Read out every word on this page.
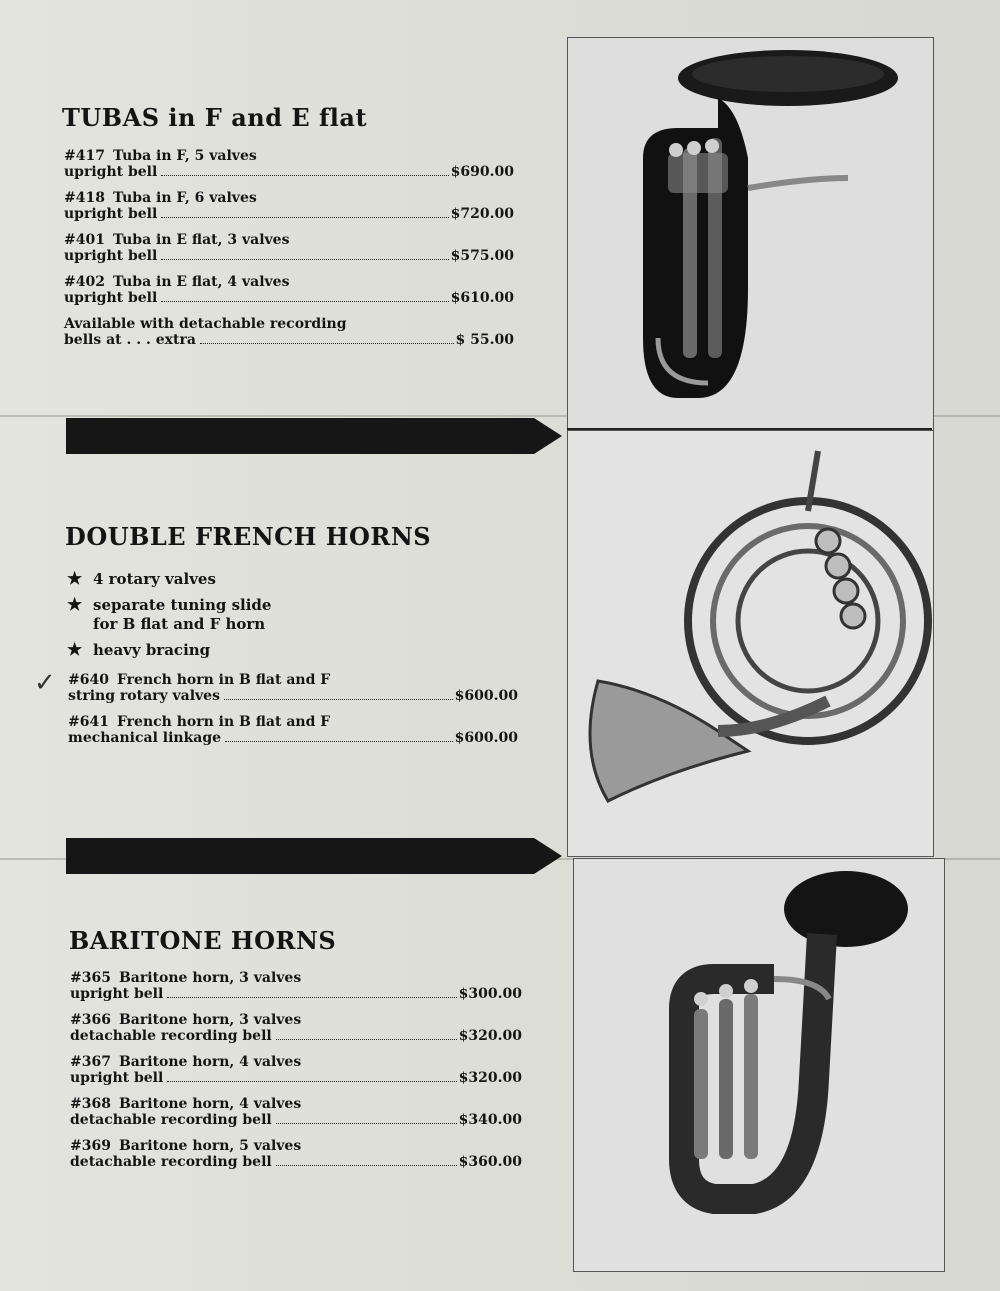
TUBAS in F and E flat
#417 Tuba in F, 5 valves
upright bell	$690.00
#418 Tuba in F, 6 valves
upright bell	$720.00
#401 Tuba in E flat, 3 valves
upright bell	$575.00
#402 Tuba in E flat, 4 valves
upright bell	$610.00
Available with detachable recording
bells at . . . extra	$ 55.00
DOUBLE FRENCH HORNS
★ 4 rotary valves
★ separate tuning slide for B flat and F horn
★ heavy bracing
✓ #640 French horn in B flat and F
string rotary valves	$600.00
#641 French horn in B flat and F
mechanical linkage	$600.00
BARITONE HORNS
#365 Baritone horn, 3 valves
upright bell	$300.00
#366 Baritone horn, 3 valves
detachable recording bell	$320.00
#367 Baritone horn, 4 valves
upright bell	$320.00
#368 Baritone horn, 4 valves
detachable recording bell	$340.00
#369 Baritone horn, 5 valves
detachable recording bell	$360.00
